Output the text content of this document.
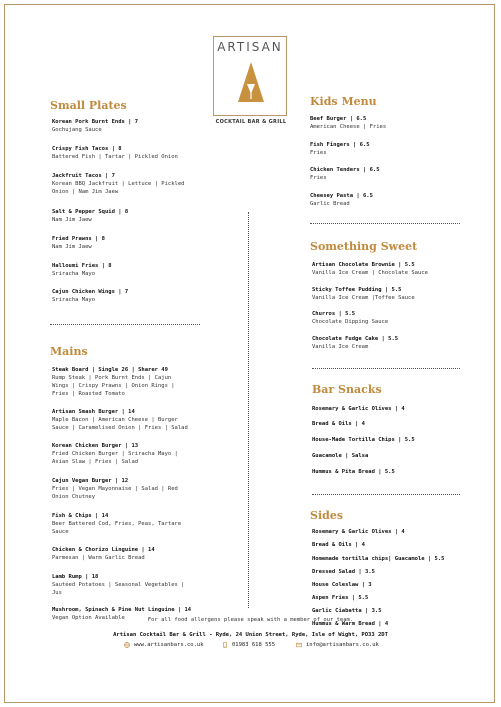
ARTISAN
COCKTAIL BAR & GRILL
Small Plates
Mains
Kids Menu
Something Sweet
Bar Snacks
Sides
Korean Pork Burnt Ends | 7
Gochujang Sauce
Crispy Fish Tacos | 8
Battered Fish | Tartar | Pickled Onion
Jackfruit Tacos | 7
Korean BBQ Jackfruit | Lettuce | Pickled
Onion | Nam Jim Jaew
Salt & Pepper Squid | 8
Nam Jim Jaew
Fried Prawns | 8
Nam Jim Jaew
Halloumi Fries | 8
Sriracha Mayo
Cajun Chicken Wings | 7
Sriracha Mayo
Steak Board | Single 26 | Sharer 49
Rump Steak | Pork Burnt Ends | Cajun
Wings | Crispy Prawns | Onion Rings |
Fries | Roasted Tomato
Artisan Smash Burger | 14
Maple Bacon | American Cheese | Burger
Sauce | Caramelised Onion | Fries | Salad
Korean Chicken Burger | 13
Fried Chicken Burger | Sriracha Mayo |
Asian Slaw | Fries | Salad
Cajun Vegan Burger | 12
Fries | Vegan Mayonnaise | Salad | Red
Onion Chutney
Fish & Chips | 14
Beer Battered Cod, Fries, Peas, Tartare
Sauce
Chicken & Chorizo Linguine | 14
Parmesan | Warm Garlic Bread
Lamb Rump | 18
Sautéed Potatoes | Seasonal Vegetables |
Jus
Mushroom, Spinach & Pine Nut Linguine | 14
Vegan Option Available
Beef Burger | 6.5
American Cheese | Fries
Fish Fingers | 6.5
Fries
Chicken Tenders | 6.5
Fries
Cheesey Pasta | 6.5
Garlic Bread
Artisan Chocolate Brownie | 5.5
Vanilla Ice Cream | Chocolate Sauce
Sticky Toffee Pudding | 5.5
Vanilla Ice Cream |Toffee Sauce
Churros | 5.5
Chocolate Dipping Sauce
Chocolate Fudge Cake | 5.5
Vanilla Ice Cream
Rosemary & Garlic Olives | 4
Bread & Oils | 4
House-Made Tortilla Chips | 5.5
Guacamole | Salsa
Hummus & Pita Bread | 5.5
Rosemary & Garlic Olives | 4
Bread & Oils | 4
Homemade tortilla chips| Guacamole | 5.5
Dressed Salad | 3.5
House Coleslaw | 3
Aspen Fries | 5.5
Garlic Ciabatta | 3.5
Hummus & Warm Bread | 4
For all food allergens please speak with a member of our team.
Artisan Cocktail Bar & Grill - Ryde, 24 Union Street, Ryde, Isle of Wight, PO33 2DT
www.artisanbars.co.uk	01983 618 555	info@artisanbars.co.uk
